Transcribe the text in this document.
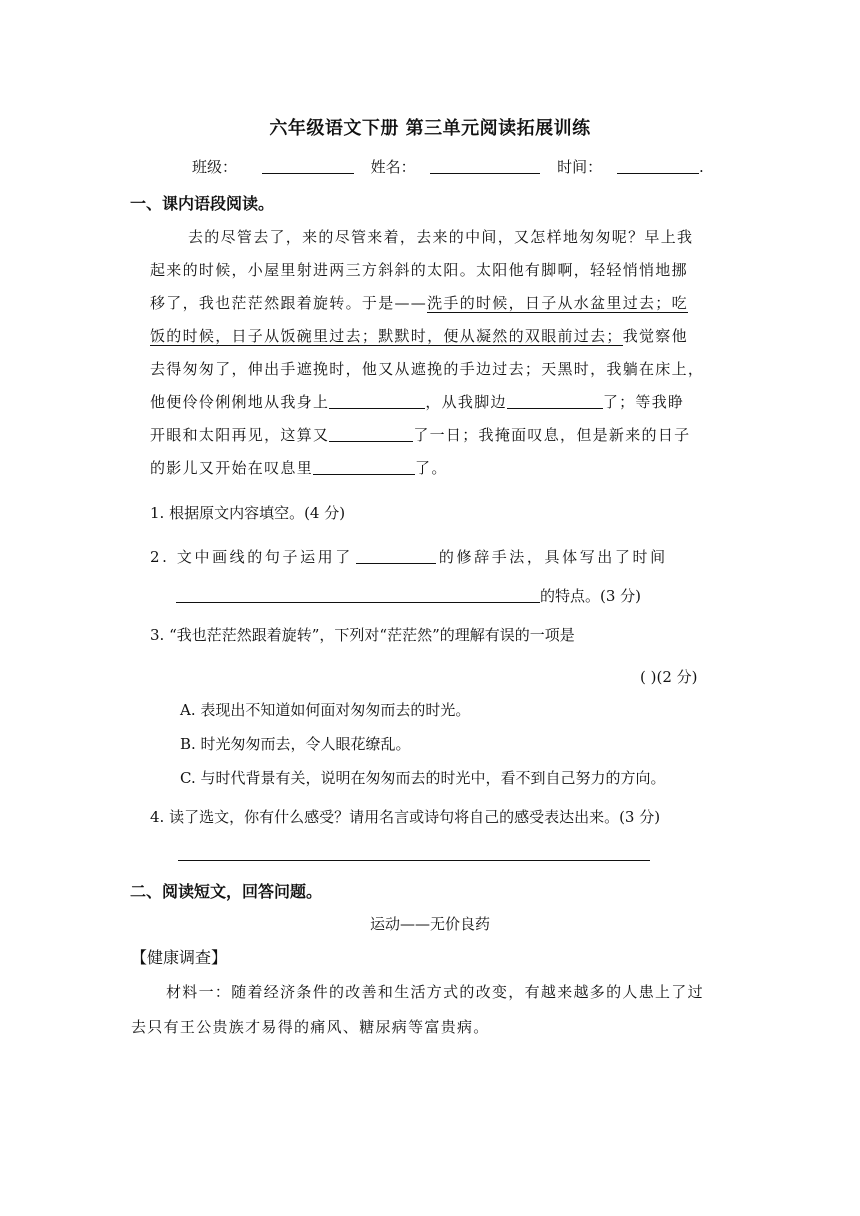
六年级语文下册 第三单元阅读拓展训练
班级：	姓名：	时间：	.
一、课内语段阅读。
去的尽管去了，来的尽管来着，去来的中间，又怎样地匆匆呢？早上我
起来的时候，小屋里射进两三方斜斜的太阳。太阳他有脚啊，轻轻悄悄地挪
移了，我也茫茫然跟着旋转。于是——洗手的时候，日子从水盆里过去；吃
饭的时候，日子从饭碗里过去；默默时，便从凝然的双眼前过去；我觉察他
去得匆匆了，伸出手遮挽时，他又从遮挽的手边过去；天黑时，我躺在床上，
他便伶伶俐俐地从我身上	，从我脚边	了；等我睁
开眼和太阳再见，这算又	了一日；我掩面叹息，但是新来的日子
的影儿又开始在叹息里	了。
1. 根据原文内容填空。(4 分)
2. 文中画线的句子运用了	的修辞手法，具体写出了时间
的特点。(3 分)
3. “我也茫茫然跟着旋转”，下列对“茫茫然”的理解有误的一项是
( )(2 分)
A. 表现出不知道如何面对匆匆而去的时光。
B. 时光匆匆而去，令人眼花缭乱。
C. 与时代背景有关，说明在匆匆而去的时光中，看不到自己努力的方向。
4. 读了选文，你有什么感受？请用名言或诗句将自己的感受表达出来。(3 分)
二、阅读短文，回答问题。
运动——无价良药
【健康调查】
材料一：随着经济条件的改善和生活方式的改变，有越来越多的人患上了过
去只有王公贵族才易得的痛风、糖尿病等富贵病。
